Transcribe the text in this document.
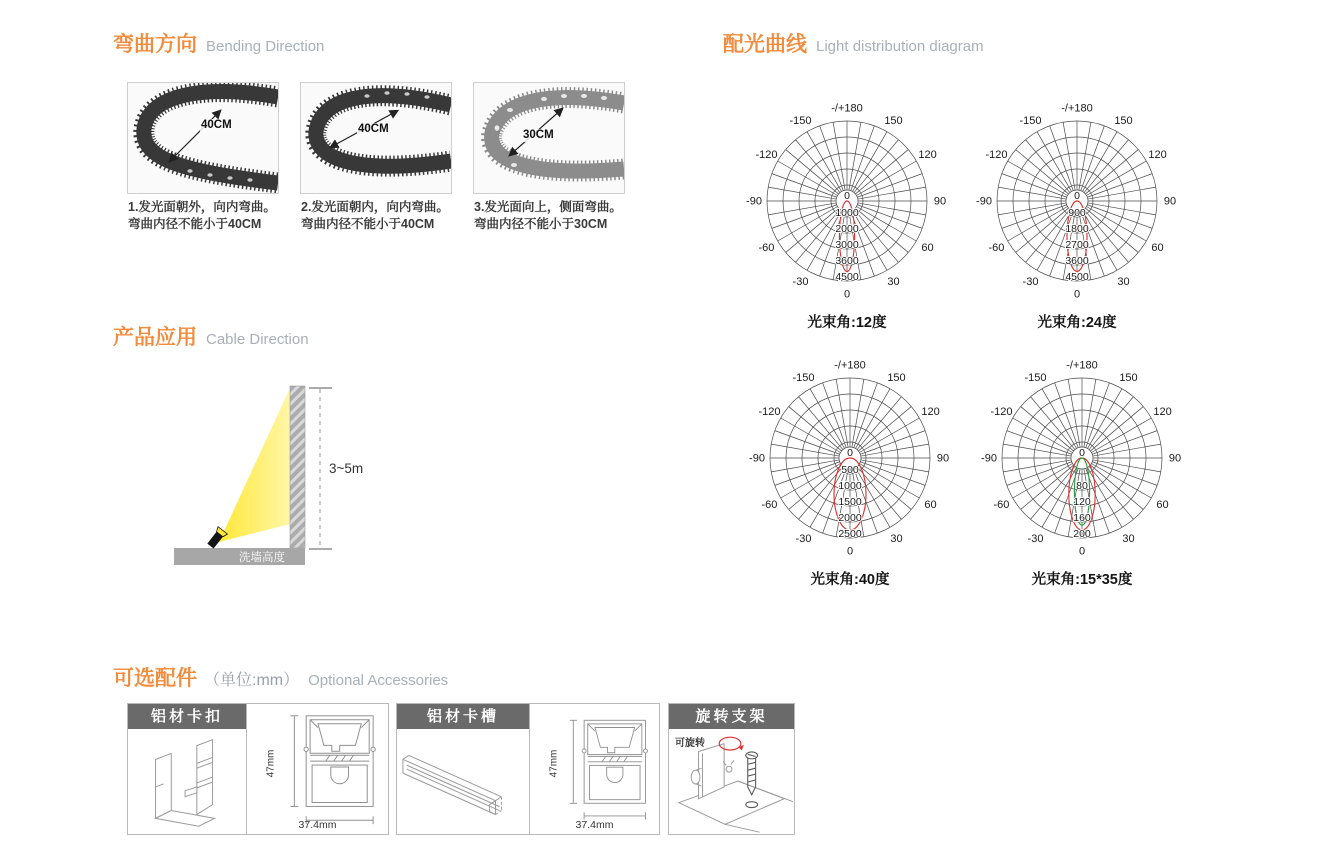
弯曲方向 Bending Direction
40CM
1.发光面朝外，向内弯曲。
弯曲内径不能小于40CM
40CM
2.发光面朝内，向内弯曲。
弯曲内径不能小于40CM
30CM
3.发光面向上，侧面弯曲。
弯曲内径不能小于30CM
配光曲线 Light distribution diagram
-/+180
150
120
90
60
30
0
-30
-60
-90
-120
-150
0
1000
2000
3000
3600
4500
光束角:12度
-/+180
150
120
90
60
30
0
-30
-60
-90
-120
-150
0
900
1800
2700
3600
4500
光束角:24度
-/+180
150
120
90
60
30
0
-30
-60
-90
-120
-150
0
500
1000
1500
2000
2500
光束角:40度
-/+180
150
120
90
60
30
0
-30
-60
-90
-120
-150
0
80
120
160
200
光束角:15*35度
产品应用 Cable Direction
3~5m
洗墙高度
可选配件 （单位:mm） Optional Accessories
铝材卡扣
47mm
37.4mm
铝材卡槽
47mm
37.4mm
旋转支架
可旋转
